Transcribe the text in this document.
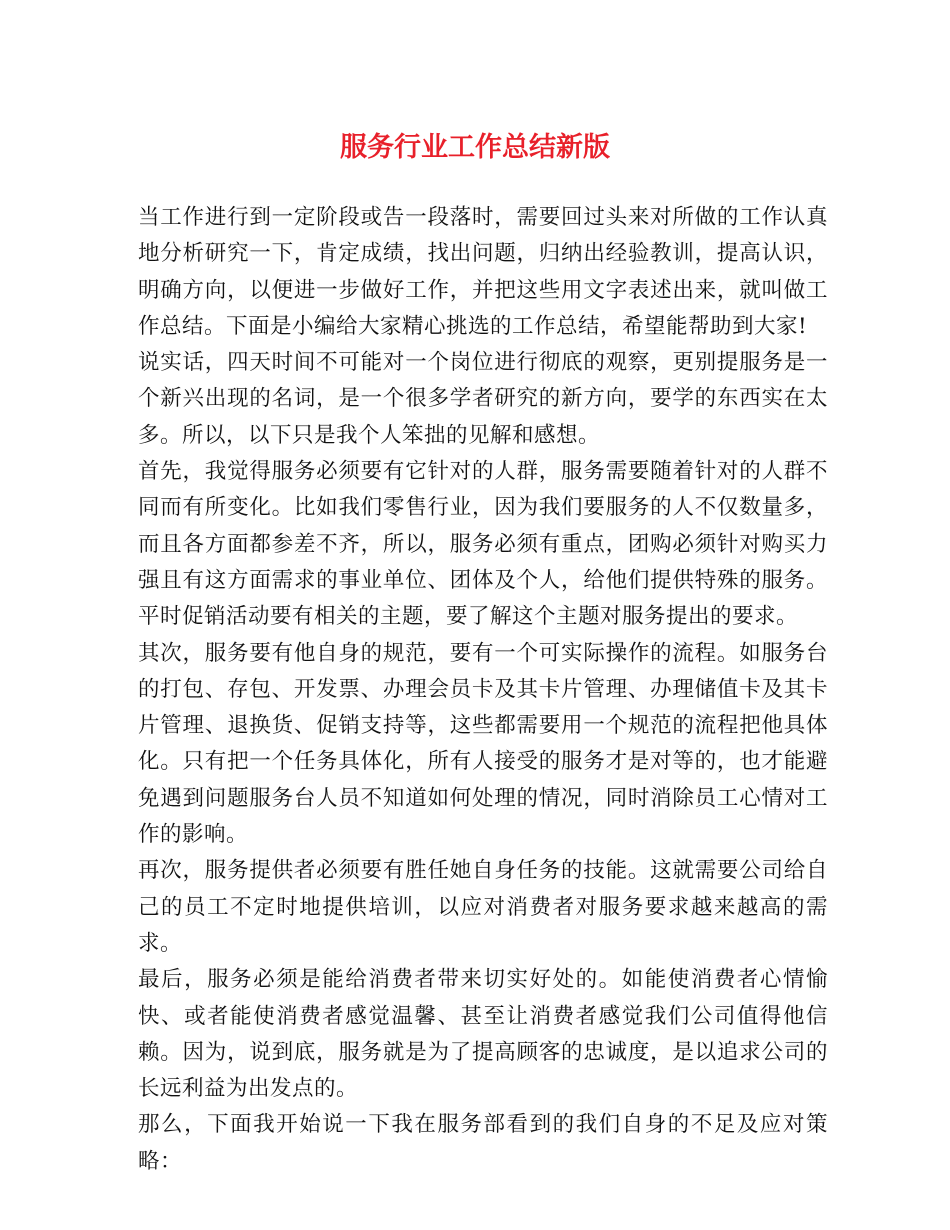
服务行业工作总结新版

当工作进行到一定阶段或告一段落时，需要回过头来对所做的工作认真地分析研究一下，肯定成绩，找出问题，归纳出经验教训，提高认识，明确方向，以便进一步做好工作，并把这些用文字表述出来，就叫做工作总结。下面是小编给大家精心挑选的工作总结，希望能帮助到大家!

说实话，四天时间不可能对一个岗位进行彻底的观察，更别提服务是一个新兴出现的名词，是一个很多学者研究的新方向，要学的东西实在太多。所以，以下只是我个人笨拙的见解和感想。

首先，我觉得服务必须要有它针对的人群，服务需要随着针对的人群不同而有所变化。比如我们零售行业，因为我们要服务的人不仅数量多，而且各方面都参差不齐，所以，服务必须有重点，团购必须针对购买力强且有这方面需求的事业单位、团体及个人，给他们提供特殊的服务。平时促销活动要有相关的主题，要了解这个主题对服务提出的要求。

其次，服务要有他自身的规范，要有一个可实际操作的流程。如服务台的打包、存包、开发票、办理会员卡及其卡片管理、办理储值卡及其卡片管理、退换货、促销支持等，这些都需要用一个规范的流程把他具体化。只有把一个任务具体化，所有人接受的服务才是对等的，也才能避免遇到问题服务台人员不知道如何处理的情况，同时消除员工心情对工作的影响。

再次，服务提供者必须要有胜任她自身任务的技能。这就需要公司给自己的员工不定时地提供培训，以应对消费者对服务要求越来越高的需求。

最后，服务必须是能给消费者带来切实好处的。如能使消费者心情愉快、或者能使消费者感觉温馨、甚至让消费者感觉我们公司值得他信赖。因为，说到底，服务就是为了提高顾客的忠诚度，是以追求公司的长远利益为出发点的。

那么，下面我开始说一下我在服务部看到的我们自身的不足及应对策略：
